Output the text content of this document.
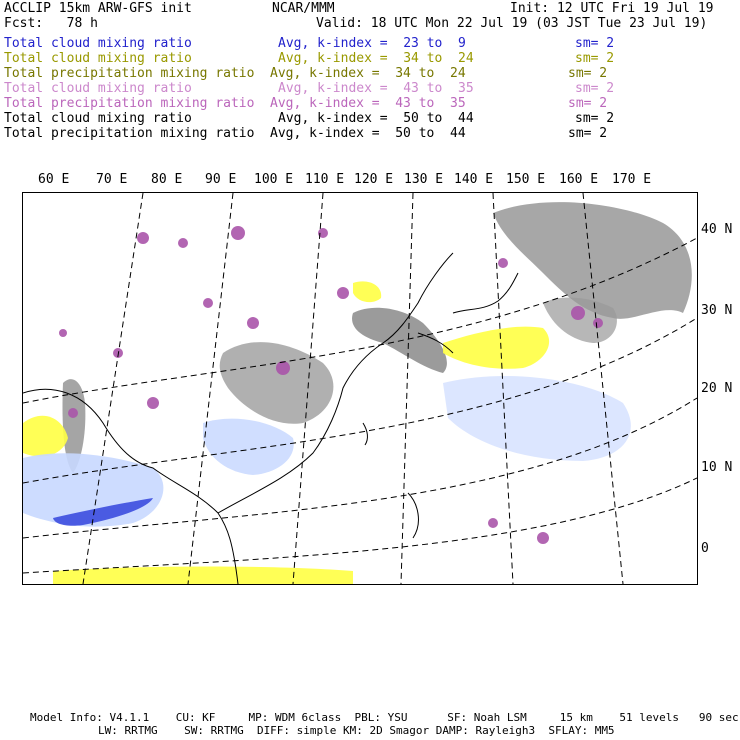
ACCLIP 15km ARW-GFS init	NCAR/MMM	Init: 12 UTC Fri 19 Jul 19
Fcst:   78 h	Valid: 18 UTC Mon 22 Jul 19 (03 JST Tue 23 Jul 19)
Total cloud mixing ratio	Avg, k-index =  23 to  9	sm= 2
Total cloud mixing ratio	Avg, k-index =  34 to  24	sm= 2
Total precipitation mixing ratio Avg, k-index =  34 to  24	sm= 2
Total cloud mixing ratio	Avg, k-index =  43 to  35	sm= 2
Total precipitation mixing ratio Avg, k-index =  43 to  35	sm= 2
Total cloud mixing ratio	Avg, k-index =  50 to  44	sm= 2
Total precipitation mixing ratio Avg, k-index =  50 to  44	sm= 2
60 E 70 E 80 E 90 E 100 E 110 E 120 E 130 E 140 E 150 E 160 E 170 E
40 N
30 N
20 N
10 N
0
Model Info: V4.1.1    CU: KF     MP: WDM 6class  PBL: YSU      SF: Noah LSM     15 km    51 levels   90 sec
LW: RRTMG    SW: RRTMG  DIFF: simple KM: 2D Smagor DAMP: Rayleigh3  SFLAY: MM5
